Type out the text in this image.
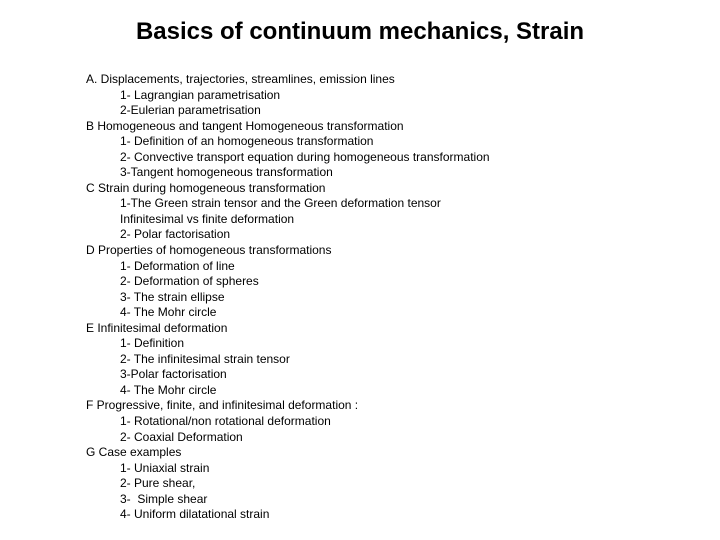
Basics of continuum mechanics, Strain
A. Displacements, trajectories, streamlines, emission lines
1- Lagrangian parametrisation
2-Eulerian parametrisation
B Homogeneous and tangent Homogeneous transformation
1- Definition of an homogeneous transformation
2- Convective transport equation during homogeneous transformation
3-Tangent homogeneous transformation
C Strain during homogeneous transformation
1-The Green strain tensor and the Green deformation tensor
Infinitesimal vs finite deformation
2- Polar factorisation
D Properties of homogeneous transformations
1- Deformation of line
2- Deformation of spheres
3- The strain ellipse
4- The Mohr circle
E Infinitesimal deformation
1- Definition
2- The infinitesimal strain tensor
3-Polar factorisation
4- The Mohr circle
F Progressive, finite, and infinitesimal deformation :
1- Rotational/non rotational deformation
2- Coaxial Deformation
G Case examples
1- Uniaxial strain
2- Pure shear,
3-  Simple shear
4- Uniform dilatational strain
